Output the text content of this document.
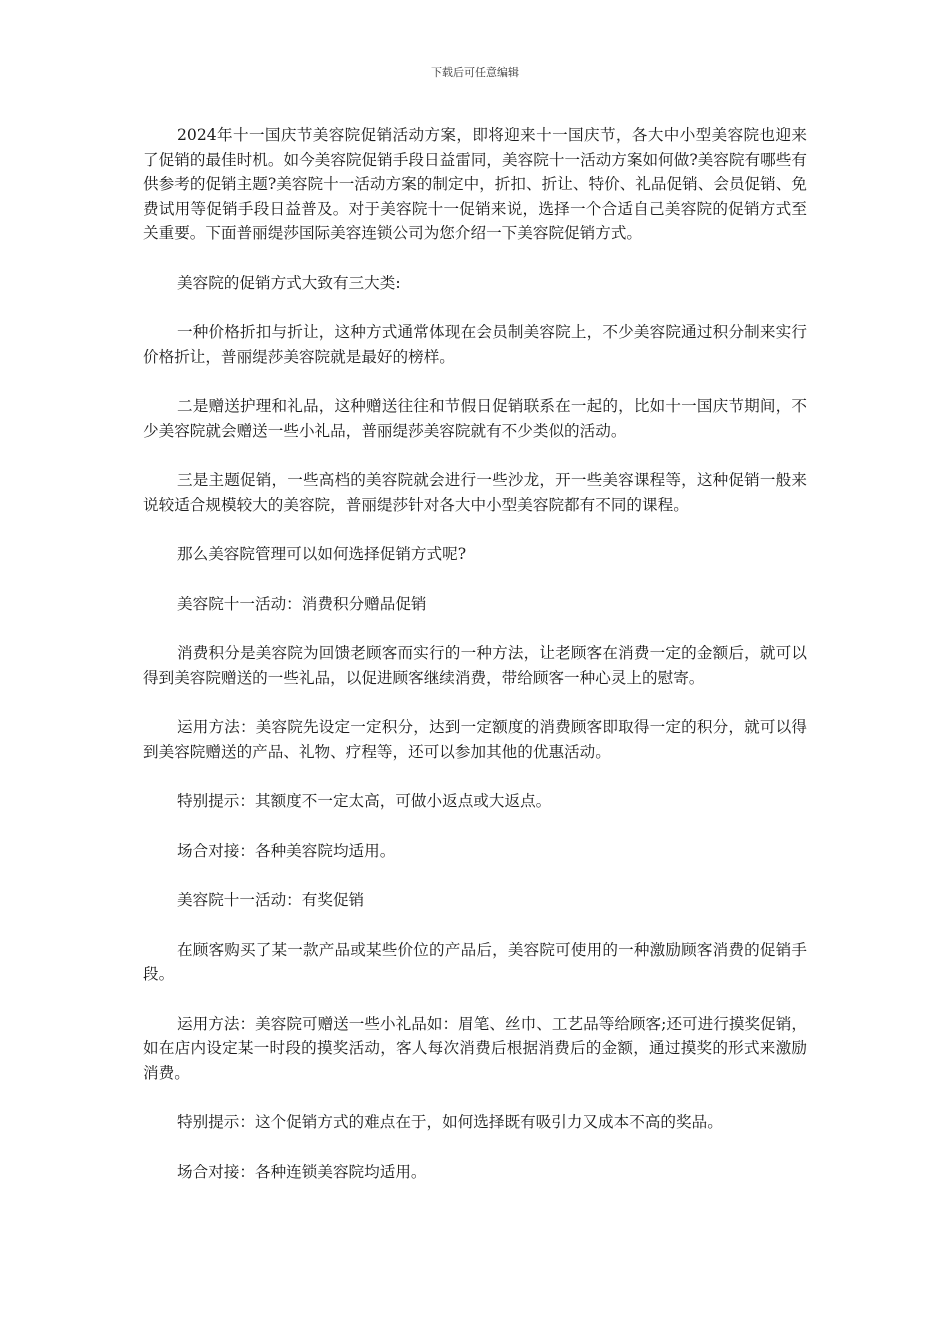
下载后可任意编辑

2024年十一国庆节美容院促销活动方案，即将迎来十一国庆节，各大中小型美容院也迎来了促销的最佳时机。如今美容院促销手段日益雷同，美容院十一活动方案如何做?美容院有哪些有供参考的促销主题?美容院十一活动方案的制定中，折扣、折让、特价、礼品促销、会员促销、免费试用等促销手段日益普及。对于美容院十一促销来说，选择一个合适自己美容院的促销方式至关重要。下面普丽缇莎国际美容连锁公司为您介绍一下美容院促销方式。

美容院的促销方式大致有三大类:

一种价格折扣与折让，这种方式通常体现在会员制美容院上，不少美容院通过积分制来实行价格折让，普丽缇莎美容院就是最好的榜样。

二是赠送护理和礼品，这种赠送往往和节假日促销联系在一起的，比如十一国庆节期间，不少美容院就会赠送一些小礼品，普丽缇莎美容院就有不少类似的活动。

三是主题促销，一些高档的美容院就会进行一些沙龙，开一些美容课程等，这种促销一般来说较适合规模较大的美容院，普丽缇莎针对各大中小型美容院都有不同的课程。

那么美容院管理可以如何选择促销方式呢?

美容院十一活动：消费积分赠品促销

消费积分是美容院为回馈老顾客而实行的一种方法，让老顾客在消费一定的金额后，就可以得到美容院赠送的一些礼品，以促进顾客继续消费，带给顾客一种心灵上的慰寄。

运用方法：美容院先设定一定积分，达到一定额度的消费顾客即取得一定的积分，就可以得到美容院赠送的产品、礼物、疗程等，还可以参加其他的优惠活动。

特别提示：其额度不一定太高，可做小返点或大返点。

场合对接：各种美容院均适用。

美容院十一活动：有奖促销

在顾客购买了某一款产品或某些价位的产品后，美容院可使用的一种激励顾客消费的促销手段。

运用方法：美容院可赠送一些小礼品如：眉笔、丝巾、工艺品等给顾客;还可进行摸奖促销，如在店内设定某一时段的摸奖活动，客人每次消费后根据消费后的金额，通过摸奖的形式来激励消费。

特别提示：这个促销方式的难点在于，如何选择既有吸引力又成本不高的奖品。

场合对接：各种连锁美容院均适用。
